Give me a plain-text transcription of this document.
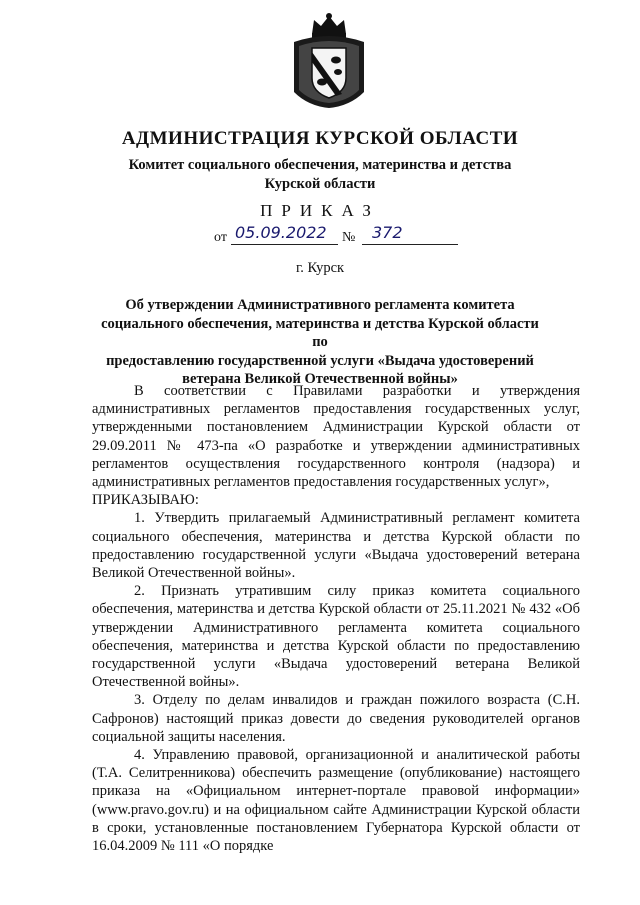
АДМИНИСТРАЦИЯ КУРСКОЙ ОБЛАСТИ
Комитет социального обеспечения, материнства и детства
Курской области
ПРИКАЗ
от 05.09.2022 № 372
г. Курск
Об утверждении Административного регламента комитета
социального обеспечения, материнства и детства Курской области по
предоставлению государственной услуги «Выдача удостоверений
ветерана Великой Отечественной войны»

В соответствии с Правилами разработки и утверждения административных регламентов предоставления государственных услуг, утвержденными постановлением Администрации Курской области от 29.09.2011 № 473-па «О разработке и утверждении административных регламентов осуществления государственного контроля (надзора) и административных регламентов предоставления государственных услуг»,

ПРИКАЗЫВАЮ:

1. Утвердить прилагаемый Административный регламент комитета социального обеспечения, материнства и детства Курской области по предоставлению государственной услуги «Выдача удостоверений ветерана Великой Отечественной войны».

2. Признать утратившим силу приказ комитета социального обеспечения, материнства и детства Курской области от 25.11.2021 № 432 «Об утверждении Административного регламента комитета социального обеспечения, материнства и детства Курской области по предоставлению государственной услуги «Выдача удостоверений ветерана Великой Отечественной войны».

3. Отделу по делам инвалидов и граждан пожилого возраста (С.Н. Сафронов) настоящий приказ довести до сведения руководителей органов социальной защиты населения.

4. Управлению правовой, организационной и аналитической работы (Т.А. Селитренникова) обеспечить размещение (опубликование) настоящего приказа на «Официальном интернет-портале правовой информации» (www.pravo.gov.ru) и на официальном сайте Администрации Курской области в сроки, установленные постановлением Губернатора Курской области от 16.04.2009 № 111 «О порядке
